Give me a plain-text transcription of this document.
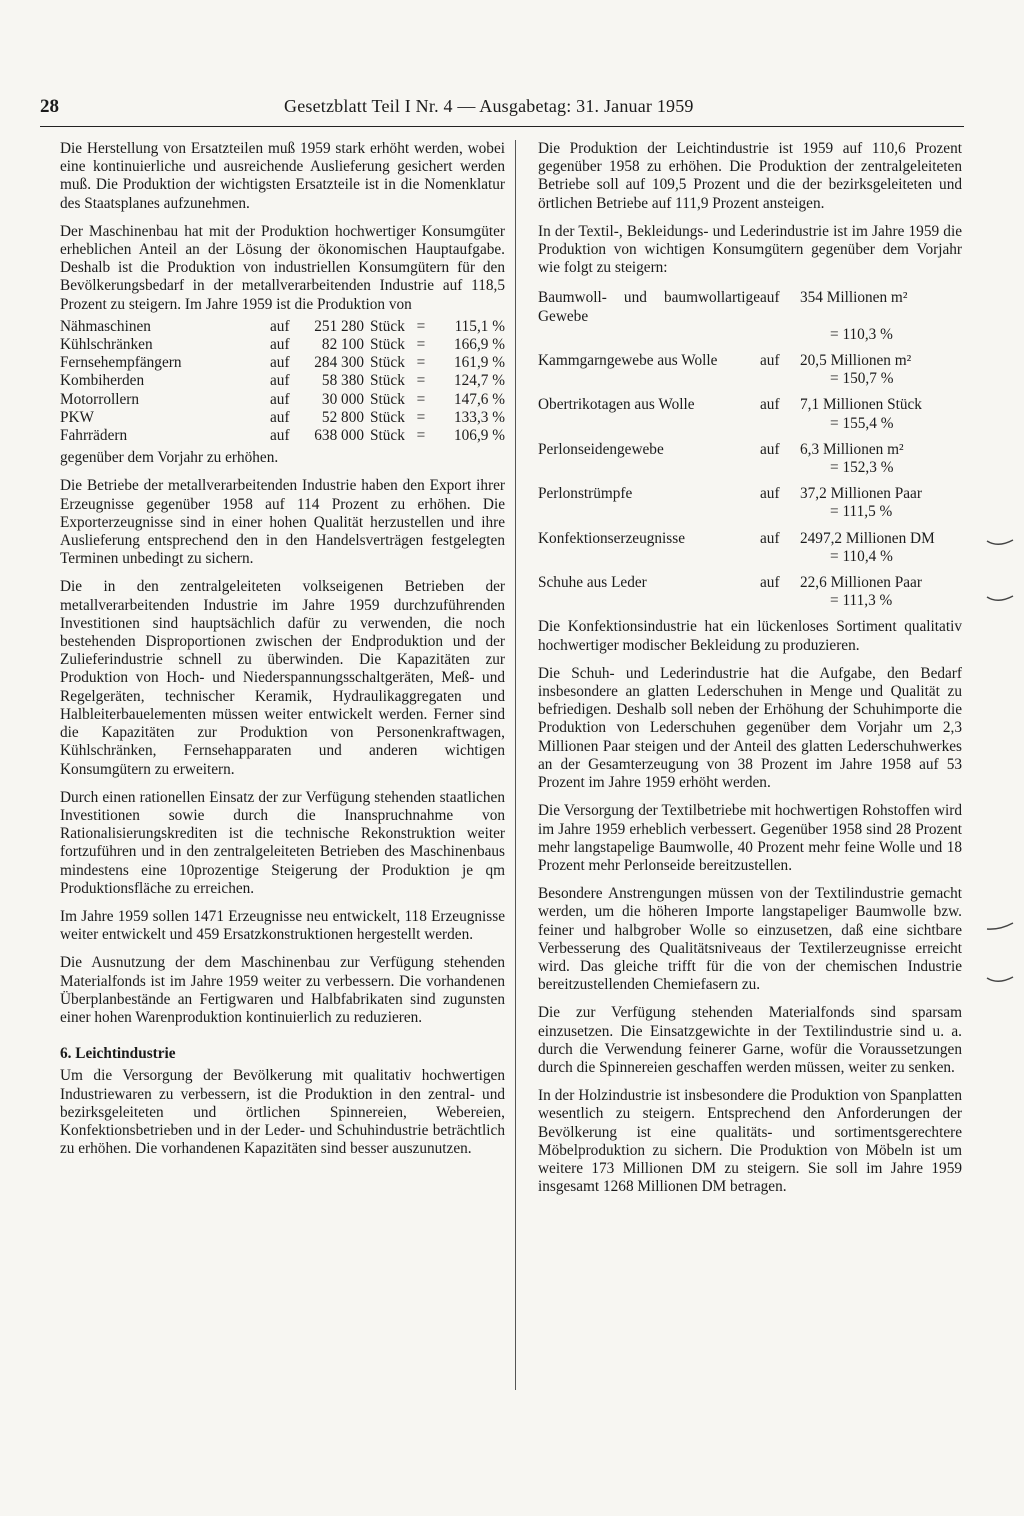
28	Gesetzblatt Teil I Nr. 4 — Ausgabetag: 31. Januar 1959

Die Herstellung von Ersatzteilen muß 1959 stark erhöht werden, wobei eine kontinuierliche und ausreichende Auslieferung gesichert werden muß. Die Produktion der wichtigsten Ersatzteile ist in die Nomenklatur des Staatsplanes aufzunehmen.

Der Maschinenbau hat mit der Produktion hochwertiger Konsumgüter erheblichen Anteil an der Lösung der ökonomischen Hauptaufgabe. Deshalb ist die Produktion von industriellen Konsumgütern für den Bevölkerungsbedarf in der metallverarbeitenden Industrie auf 118,5 Prozent zu steigern. Im Jahre 1959 ist die Produktion von

Nähmaschinen	auf	251 280	Stück	=	115,1 %
Kühlschränken	auf	82 100	Stück	=	166,9 %
Fernsehempfängern	auf	284 300	Stück	=	161,9 %
Kombiherden	auf	58 380	Stück	=	124,7 %
Motorrollern	auf	30 000	Stück	=	147,6 %
PKW	auf	52 800	Stück	=	133,3 %
Fahrrädern	auf	638 000	Stück	=	106,9 %

gegenüber dem Vorjahr zu erhöhen.

Die Betriebe der metallverarbeitenden Industrie haben den Export ihrer Erzeugnisse gegenüber 1958 auf 114 Prozent zu erhöhen. Die Exporterzeugnisse sind in einer hohen Qualität herzustellen und ihre Auslieferung entsprechend den in den Handelsverträgen festgelegten Terminen unbedingt zu sichern.

Die in den zentralgeleiteten volkseigenen Betrieben der metallverarbeitenden Industrie im Jahre 1959 durchzuführenden Investitionen sind hauptsächlich dafür zu verwenden, die noch bestehenden Disproportionen zwischen der Endproduktion und der Zulieferindustrie schnell zu überwinden. Die Kapazitäten zur Produktion von Hoch- und Niederspannungsschaltgeräten, Meß- und Regelgeräten, technischer Keramik, Hydraulikaggregaten und Halbleiterbauelementen müssen weiter entwickelt werden. Ferner sind die Kapazitäten zur Produktion von Personenkraftwagen, Kühlschränken, Fernsehapparaten und anderen wichtigen Konsumgütern zu erweitern.

Durch einen rationellen Einsatz der zur Verfügung stehenden staatlichen Investitionen sowie durch die Inanspruchnahme von Rationalisierungskrediten ist die technische Rekonstruktion weiter fortzuführen und in den zentralgeleiteten Betrieben des Maschinenbaus mindestens eine 10prozentige Steigerung der Produktion je qm Produktionsfläche zu erreichen.

Im Jahre 1959 sollen 1471 Erzeugnisse neu entwickelt, 118 Erzeugnisse weiter entwickelt und 459 Ersatzkonstruktionen hergestellt werden.

Die Ausnutzung der dem Maschinenbau zur Verfügung stehenden Materialfonds ist im Jahre 1959 weiter zu verbessern. Die vorhandenen Überplanbestände an Fertigwaren und Halbfabrikaten sind zugunsten einer hohen Warenproduktion kontinuierlich zu reduzieren.

6. Leichtindustrie

Um die Versorgung der Bevölkerung mit qualitativ hochwertigen Industriewaren zu verbessern, ist die Produktion in den zentral- und bezirksgeleiteten und örtlichen Spinnereien, Webereien, Konfektionsbetrieben und in der Leder- und Schuhindustrie beträchtlich zu erhöhen. Die vorhandenen Kapazitäten sind besser auszunutzen.

Die Produktion der Leichtindustrie ist 1959 auf 110,6 Prozent gegenüber 1958 zu erhöhen. Die Produktion der zentralgeleiteten Betriebe soll auf 109,5 Prozent und die der bezirksgeleiteten und örtlichen Betriebe auf 111,9 Prozent ansteigen.

In der Textil-, Bekleidungs- und Lederindustrie ist im Jahre 1959 die Produktion von wichtigen Konsumgütern gegenüber dem Vorjahr wie folgt zu steigern:

Baumwoll- und baumwollartige Gewebe
auf	354 Millionen m²
= 110,3 %
Kammgarngewebe aus Wolle	auf	20,5 Millionen m²
= 150,7 %
Obertrikotagen aus Wolle	auf	7,1 Millionen Stück
= 155,4 %
Perlonseidengewebe	auf	6,3 Millionen m²
= 152,3 %
Perlonstrümpfe	auf	37,2 Millionen Paar
= 111,5 %
Konfektionserzeugnisse	auf	2497,2 Millionen DM
= 110,4 %
Schuhe aus Leder	auf	22,6 Millionen Paar
= 111,3 %

Die Konfektionsindustrie hat ein lückenloses Sortiment qualitativ hochwertiger modischer Bekleidung zu produzieren.

Die Schuh- und Lederindustrie hat die Aufgabe, den Bedarf insbesondere an glatten Lederschuhen in Menge und Qualität zu befriedigen. Deshalb soll neben der Erhöhung der Schuhimporte die Produktion von Lederschuhen gegenüber dem Vorjahr um 2,3 Millionen Paar steigen und der Anteil des glatten Lederschuhwerkes an der Gesamterzeugung von 38 Prozent im Jahre 1958 auf 53 Prozent im Jahre 1959 erhöht werden.

Die Versorgung der Textilbetriebe mit hochwertigen Rohstoffen wird im Jahre 1959 erheblich verbessert. Gegenüber 1958 sind 28 Prozent mehr langstapelige Baumwolle, 40 Prozent mehr feine Wolle und 18 Prozent mehr Perlonseide bereitzustellen.

Besondere Anstrengungen müssen von der Textilindustrie gemacht werden, um die höheren Importe langstapeliger Baumwolle bzw. feiner und halbgrober Wolle so einzusetzen, daß eine sichtbare Verbesserung des Qualitätsniveaus der Textilerzeugnisse erreicht wird. Das gleiche trifft für die von der chemischen Industrie bereitzustellenden Chemiefasern zu.

Die zur Verfügung stehenden Materialfonds sind sparsam einzusetzen. Die Einsatzgewichte in der Textilindustrie sind u. a. durch die Verwendung feinerer Garne, wofür die Voraussetzungen durch die Spinnereien geschaffen werden müssen, weiter zu senken.

In der Holzindustrie ist insbesondere die Produktion von Spanplatten wesentlich zu steigern. Entsprechend den Anforderungen der Bevölkerung ist eine qualitäts- und sortimentsgerechtere Möbelproduktion zu sichern. Die Produktion von Möbeln ist um weitere 173 Millionen DM zu steigern. Sie soll im Jahre 1959 insgesamt 1268 Millionen DM betragen.
